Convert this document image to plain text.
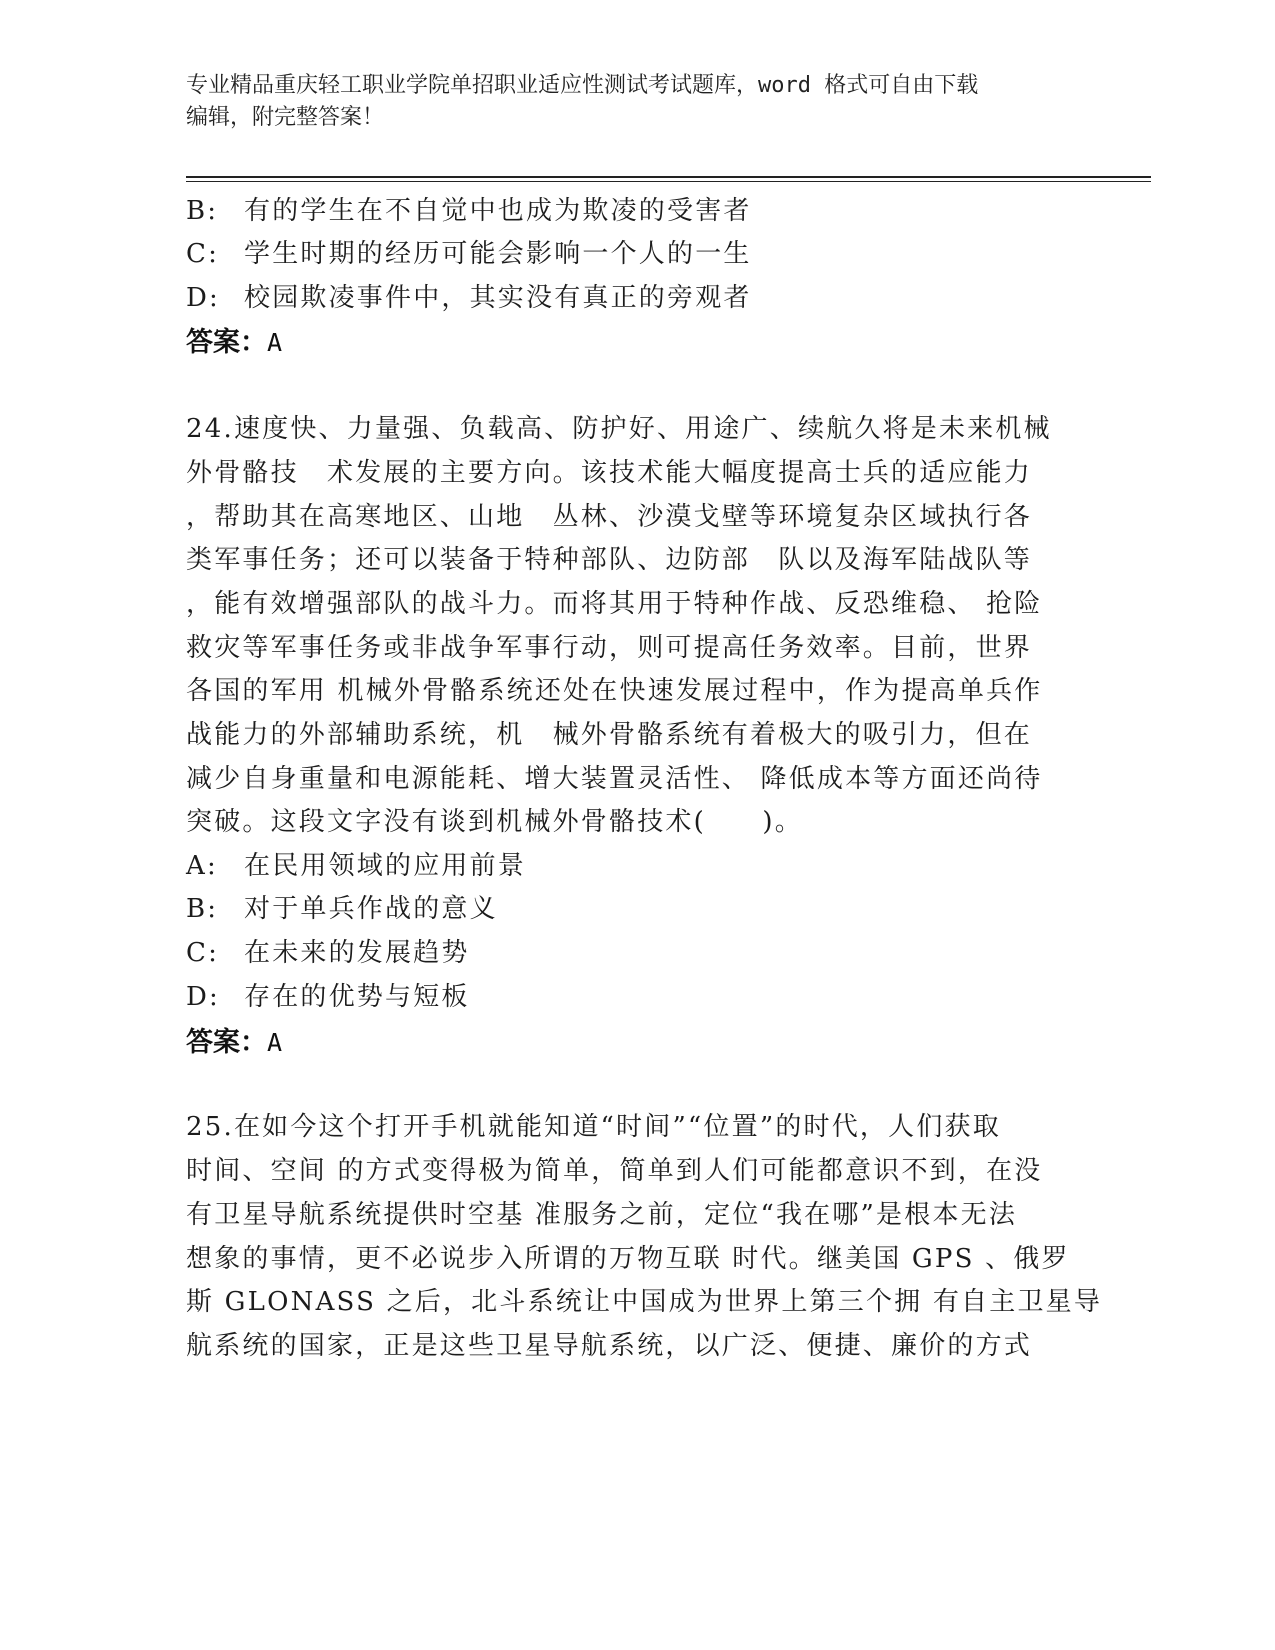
专业精品重庆轻工职业学院单招职业适应性测试考试题库，word 格式可自由下载
编辑，附完整答案！
B: 有的学生在不自觉中也成为欺凌的受害者
C: 学生时期的经历可能会影响一个人的一生
D: 校园欺凌事件中，其实没有真正的旁观者
答案：A
24.速度快、力量强、负载高、防护好、用途广、续航久将是未来机械
外骨骼技　术发展的主要方向。该技术能大幅度提高士兵的适应能力
，帮助其在高寒地区、山地　丛林、沙漠戈壁等环境复杂区域执行各
类军事任务；还可以装备于特种部队、边防部　队以及海军陆战队等
，能有效增强部队的战斗力。而将其用于特种作战、反恐维稳、 抢险
救灾等军事任务或非战争军事行动，则可提高任务效率。目前，世界
各国的军用 机械外骨骼系统还处在快速发展过程中，作为提高单兵作
战能力的外部辅助系统，机　械外骨骼系统有着极大的吸引力，但在
减少自身重量和电源能耗、增大装置灵活性、 降低成本等方面还尚待
突破。这段文字没有谈到机械外骨骼技术(　　)。
A: 在民用领域的应用前景
B: 对于单兵作战的意义
C: 在未来的发展趋势
D: 存在的优势与短板
答案：A
25.在如今这个打开手机就能知道“时间”“位置”的时代，人们获取
时间、空间 的方式变得极为简单，简单到人们可能都意识不到，在没
有卫星导航系统提供时空基 准服务之前，定位“我在哪”是根本无法
想象的事情，更不必说步入所谓的万物互联 时代。继美国 GPS 、俄罗
斯 GLONASS 之后，北斗系统让中国成为世界上第三个拥 有自主卫星导
航系统的国家，正是这些卫星导航系统，以广泛、便捷、廉价的方式
